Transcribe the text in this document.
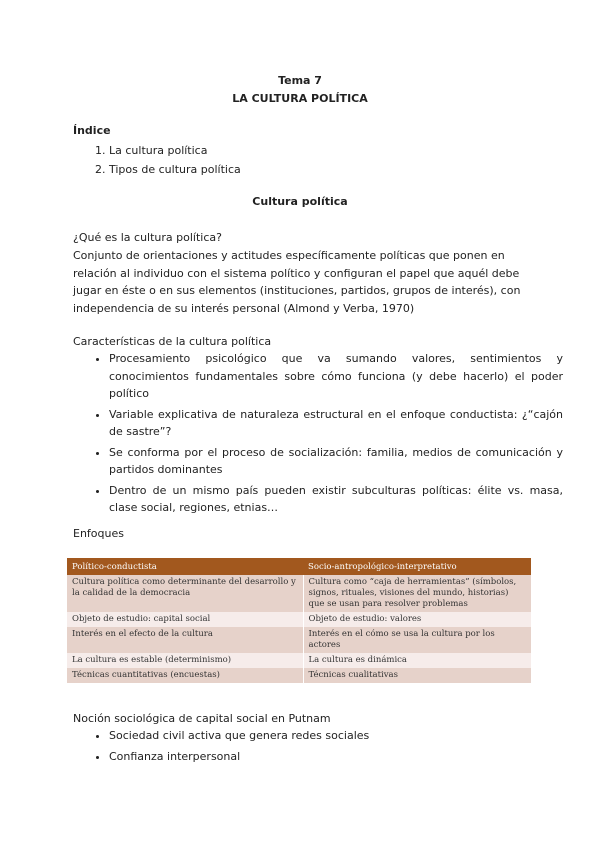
Tema 7
LA CULTURA POLÍTICA
Índice
1. La cultura política
2. Tipos de cultura política
Cultura política
¿Qué es la cultura política?
Conjunto de orientaciones y actitudes específicamente políticas que ponen en relación al individuo con el sistema político y configuran el papel que aquél debe jugar en éste o en sus elementos (instituciones, partidos, grupos de interés), con independencia de su interés personal (Almond y Verba, 1970)
Características de la cultura política
• Procesamiento psicológico que va sumando valores, sentimientos y conocimientos fundamentales sobre cómo funciona (y debe hacerlo) el poder político
• Variable explicativa de naturaleza estructural en el enfoque conductista: ¿“cajón de sastre”?
• Se conforma por el proceso de socialización: familia, medios de comunicación y partidos dominantes
• Dentro de un mismo país pueden existir subculturas políticas: élite vs. masa, clase social, regiones, etnias…
Enfoques
Político-conductista	Socio-antropológico-interpretativo
Cultura política como determinante del desarrollo y la calidad de la democracia	Cultura como “caja de herramientas” (símbolos, signos, rituales, visiones del mundo, historias) que se usan para resolver problemas
Objeto de estudio: capital social	Objeto de estudio: valores
Interés en el efecto de la cultura	Interés en el cómo se usa la cultura por los actores
La cultura es estable (determinismo)	La cultura es dinámica
Técnicas cuantitativas (encuestas)	Técnicas cualitativas
Noción sociológica de capital social en Putnam
• Sociedad civil activa que genera redes sociales
• Confianza interpersonal
